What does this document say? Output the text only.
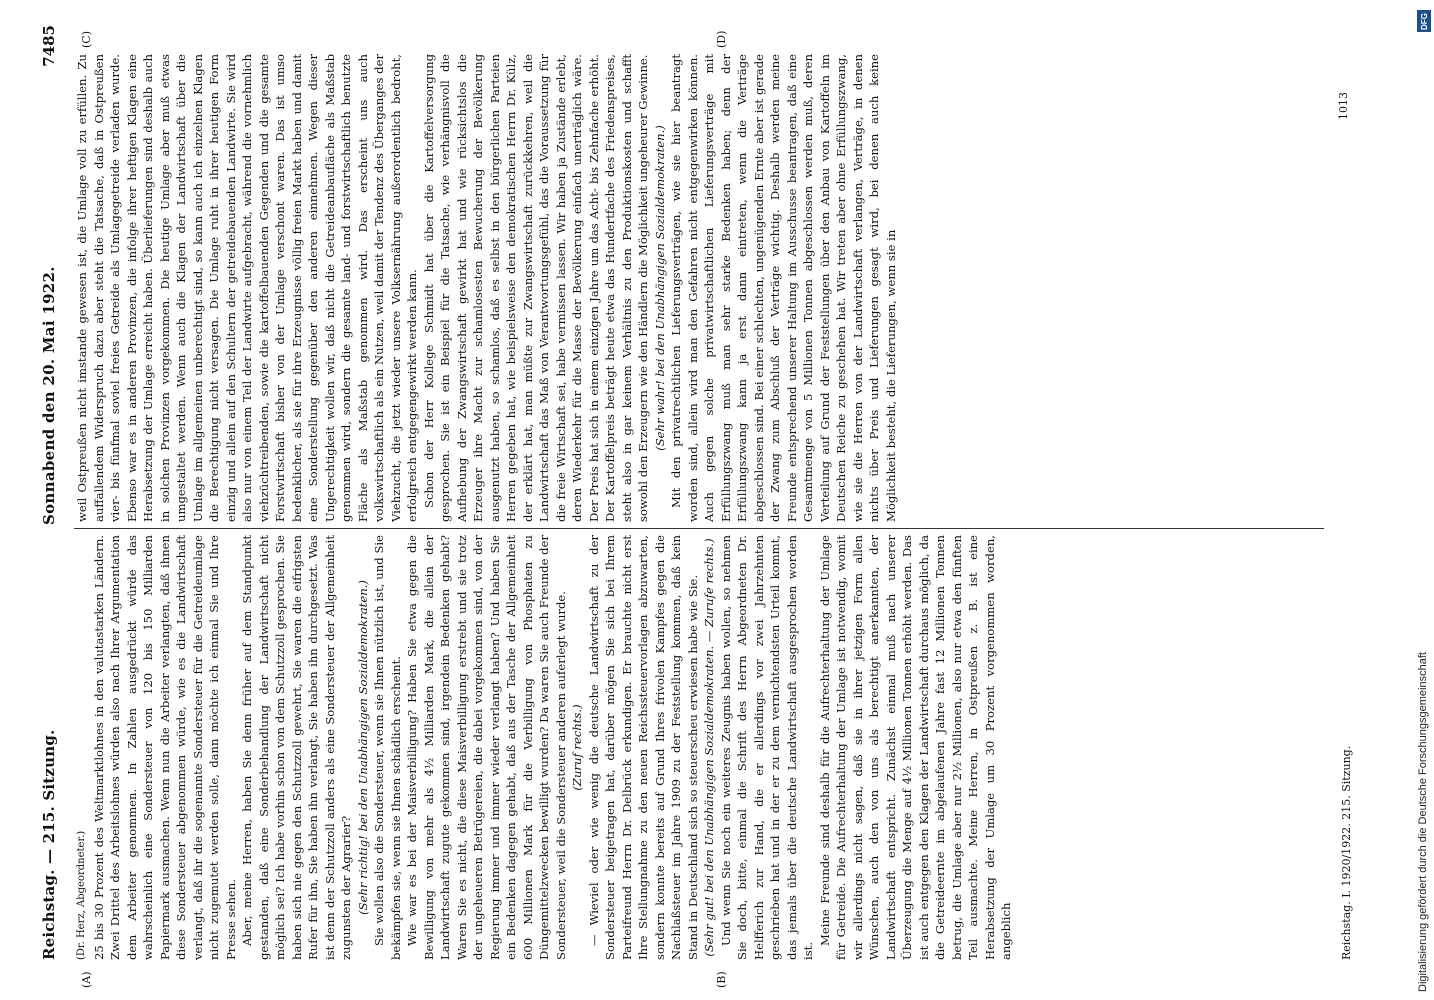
Reichstag. — 215. Sitzung.
Sonnabend den 20. Mai 1922.
7485
(A)	(B)
(C)	(D)

(Dr. Herz, Abgeordneter.) 25 bis 30 Prozent des Weltmarktlohnes in den valutastarken Ländern. Zwei Drittel des Arbeitslohnes würden also nach Ihrer Argumentation dem Arbeiter genommen. In Zahlen ausgedrückt würde das wahrscheinlich eine Sondersteuer von 120 bis 150 Milliarden Papiermark ausmachen. Wenn nun die Arbeiter verlangten, daß ihnen diese Sondersteuer abgenommen würde, wie es die Landwirtschaft verlangt, daß ihr die sogenannte Sondersteuer für die Getreideumlage nicht zugemutet werden solle, dann möchte ich einmal Sie und Ihre Presse sehen. Aber, meine Herren, haben Sie denn früher auf dem Standpunkt gestanden, daß eine Sonderbehandlung der Landwirtschaft nicht möglich sei? Ich habe vorhin schon von dem Schutzzoll gesprochen. Sie haben sich nie gegen den Schutzzoll gewehrt, Sie waren die eifrigsten Rufer für ihn, Sie haben ihn verlangt, Sie haben ihn durchgesetzt. Was ist denn der Schutzzoll anders als eine Sondersteuer der Allgemeinheit zugunsten der Agrarier? (Sehr richtig! bei den Unabhängigen Sozialdemokraten.) Sie wollen also die Sondersteuer, wenn sie Ihnen nützlich ist, und Sie bekämpfen sie, wenn sie Ihnen schädlich erscheint. Wie war es bei der Maisverbilligung? Haben Sie etwa gegen die Bewilligung von mehr als 4½ Milliarden Mark, die allein der Landwirtschaft zugute gekommen sind, irgendein Bedenken gehabt? Waren Sie es nicht, die diese Maisverbilligung erstrebt und sie trotz der ungeheueren Betrügereien, die dabei vorgekommen sind, von der Regierung immer und immer wieder verlangt haben? Und haben Sie ein Bedenken dagegen gehabt, daß aus der Tasche der Allgemeinheit 600 Millionen Mark für die Verbilligung von Phosphaten zu Düngemittelzwecken bewilligt wurden? Da waren Sie auch Freunde der Sondersteuer, weil die Sondersteuer anderen auferlegt wurde. (Zuruf rechts.) — Wieviel oder wie wenig die deutsche Landwirtschaft zu der Sondersteuer beigetragen hat, darüber mögen Sie sich bei Ihrem Parteifreund Herrn Dr. Delbrück erkundigen. Er brauchte nicht erst Ihre Stellungnahme zu den neuen Reichssteuervorlagen abzuwarten, sondern konnte bereits auf Grund Ihres frivolen Kampfes gegen die Nachlaßsteuer im Jahre 1909 zu der Feststellung kommen, daß kein Stand in Deutschland sich so steuerscheu erwiesen habe wie Sie. (Sehr gut! bei den Unabhängigen Sozialdemokraten. — Zurufe rechts.) Und wenn Sie noch ein weiteres Zeugnis haben wollen, so nehmen Sie doch, bitte, einmal die Schrift des Herrn Abgeordneten Dr. Helfferich zur Hand, die er allerdings vor zwei Jahrzehnten geschrieben hat und in der er zu dem vernichtendsten Urteil kommt, das jemals über die deutsche Landwirtschaft ausgesprochen worden ist.

Meine Freunde sind deshalb für die Aufrechterhaltung der Umlage für Getreide. Die Aufrechterhaltung der Umlage ist notwendig, womit wir allerdings nicht sagen, daß sie in ihrer jetzigen Form allen Wünschen, auch den von uns als berechtigt anerkannten, der Landwirtschaft entspricht. Zunächst einmal muß nach unserer Überzeugung die Menge auf 4½ Millionen Tonnen erhöht werden. Das ist auch entgegen den Klagen der Landwirtschaft durchaus möglich, da die Getreideernte im abgelaufenen Jahre fast 12 Millionen Tonnen betrug, die Umlage aber nur 2½ Millionen, also nur etwa den fünften Teil ausmachte. Meine Herren, in Ostpreußen z. B. ist eine Herabsetzung der Umlage um 30 Prozent vorgenommen worden, angeblich

weil Ostpreußen nicht imstande gewesen ist, die Umlage voll zu erfüllen. Zu auffallendem Widerspruch dazu aber steht die Tatsache, daß in Ostpreußen vier- bis fünfmal soviel freies Getreide als Umlagegetreide verladen wurde. Ebenso war es in anderen Provinzen, die infolge ihrer heftigen Klagen eine Herabsetzung der Umlage erreicht haben. Überlieferungen sind deshalb auch in solchen Provinzen vorgekommen. Die heutige Umlage aber muß etwas umgestaltet werden. Wenn auch die Klagen der Landwirtschaft über die Umlage im allgemeinen unberechtigt sind, so kann auch ich einzelnen Klagen die Berechtigung nicht versagen. Die Umlage ruht in ihrer heutigen Form einzig und allein auf den Schultern der getreidebauenden Landwirte. Sie wird also nur von einem Teil der Landwirte aufgebracht, während die vornehmlich viehzüchtreibenden, sowie die kartoffelbauenden Gegenden und die gesamte Forstwirtschaft bisher von der Umlage verschont waren. Das ist umso bedenklicher, als sie für ihre Erzeugnisse völlig freien Markt haben und damit eine Sonderstellung gegenüber den anderen einnehmen. Wegen dieser Ungerechtigkeit wollen wir, daß nicht die Getreideanbaufläche als Maßstab genommen wird, sondern die gesamte land- und forstwirtschaftlich benutzte Fläche als Maßstab genommen wird. Das erscheint uns auch volkswirtschaftlich als ein Nutzen, weil damit der Tendenz des Überganges der Viehzucht, die jetzt wieder unsere Volksernährung außerordentlich bedroht, erfolgreich entgegengewirkt werden kann. Schon der Herr Kollege Schmidt hat über die Kartoffelversorgung gesprochen. Sie ist ein Beispiel für die Tatsache, wie verhängnisvoll die Aufhebung der Zwangswirtschaft gewirkt hat und wie rücksichtslos die Erzeuger ihre Macht zur schamlosesten Bewucherung der Bevölkerung ausgenutzt haben, so schamlos, daß es selbst in den bürgerlichen Parteien Herren gegeben hat, wie beispielsweise den demokratischen Herrn Dr. Külz, der erklärt hat, man müßte zur Zwangswirtschaft zurückkehren, weil die Landwirtschaft das Maß von Verantwortungsgefühl, das die Voraussetzung für die freie Wirtschaft sei, habe vermissen lassen. Wir haben ja Zustände erlebt, deren Wiederkehr für die Masse der Bevölkerung einfach unerträglich wäre. Der Preis hat sich in einem einzigen Jahre um das Acht- bis Zehnfache erhöht. Der Kartoffelpreis beträgt heute etwa das Hundertfache des Friedenspreises, steht also in gar keinem Verhältnis zu den Produktionskosten und schafft sowohl den Erzeugern wie den Händlern die Möglichkeit ungeheurer Gewinne. (Sehr wahr! bei den Unabhängigen Sozialdemokraten.) Mit den privatrechtlichen Lieferungsverträgen, wie sie hier beantragt worden sind, allein wird man den Gefahren nicht entgegenwirken können. Auch gegen solche privatwirtschaftlichen Lieferungsverträge mit Erfüllungszwang muß man sehr starke Bedenken haben; denn der Erfüllungszwang kann ja erst dann eintreten, wenn die Verträge abgeschlossen sind. Bei einer schlechten, ungenügenden Ernte aber ist gerade der Zwang zum Abschluß der Verträge wichtig. Deshalb werden meine Freunde entsprechend unserer Haltung im Ausschusse beantragen, daß eine Gesamtmenge von 5 Millionen Tonnen abgeschlossen werden muß, deren Verteilung auf Grund der Feststellungen über den Anbau von Kartoffeln im Deutschen Reiche zu geschehen hat. Wir treten aber ohne Erfüllungszwang, wie sie die Herren von der Landwirtschaft verlangen, Verträge, in denen nichts über Preis und Lieferungen gesagt wird, bei denen auch keine Möglichkeit besteht, die Lieferungen, wenn sie in

Reichstag. I. 1920/1922. 215. Sitzung.
1013
Digitalisierung gefördert durch die Deutsche Forschungsgemeinschaft
DFG
